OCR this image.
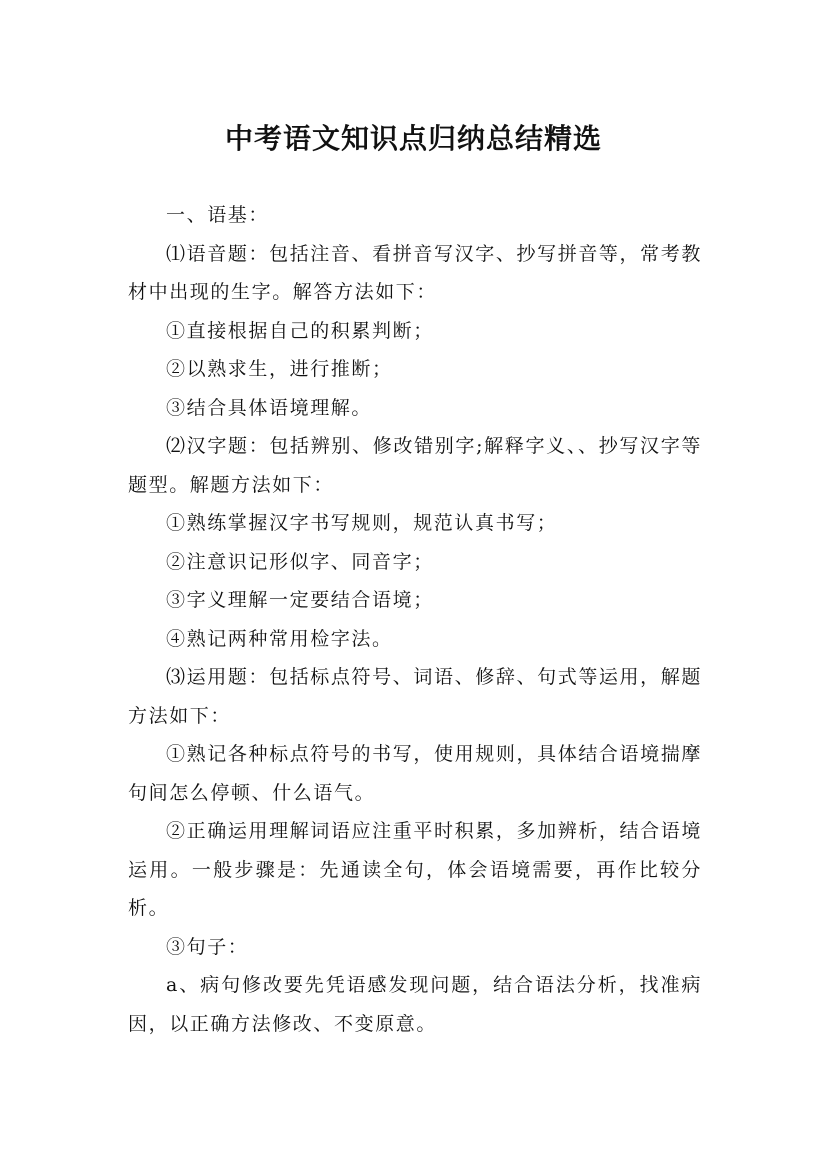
中考语文知识点归纳总结精选

一、语基：

⑴语音题：包括注音、看拼音写汉字、抄写拼音等，常考教材中出现的生字。解答方法如下：

①直接根据自己的积累判断；

②以熟求生，进行推断；

③结合具体语境理解。

⑵汉字题：包括辨别、修改错别字;解释字义、、抄写汉字等题型。解题方法如下：

①熟练掌握汉字书写规则，规范认真书写；

②注意识记形似字、同音字；

③字义理解一定要结合语境；

④熟记两种常用检字法。

⑶运用题：包括标点符号、词语、修辞、句式等运用，解题方法如下：

①熟记各种标点符号的书写，使用规则，具体结合语境揣摩句间怎么停顿、什么语气。

②正确运用理解词语应注重平时积累，多加辨析，结合语境运用。一般步骤是：先通读全句，体会语境需要，再作比较分析。

③句子：

a、病句修改要先凭语感发现问题，结合语法分析，找准病因，以正确方法修改、不变原意。
